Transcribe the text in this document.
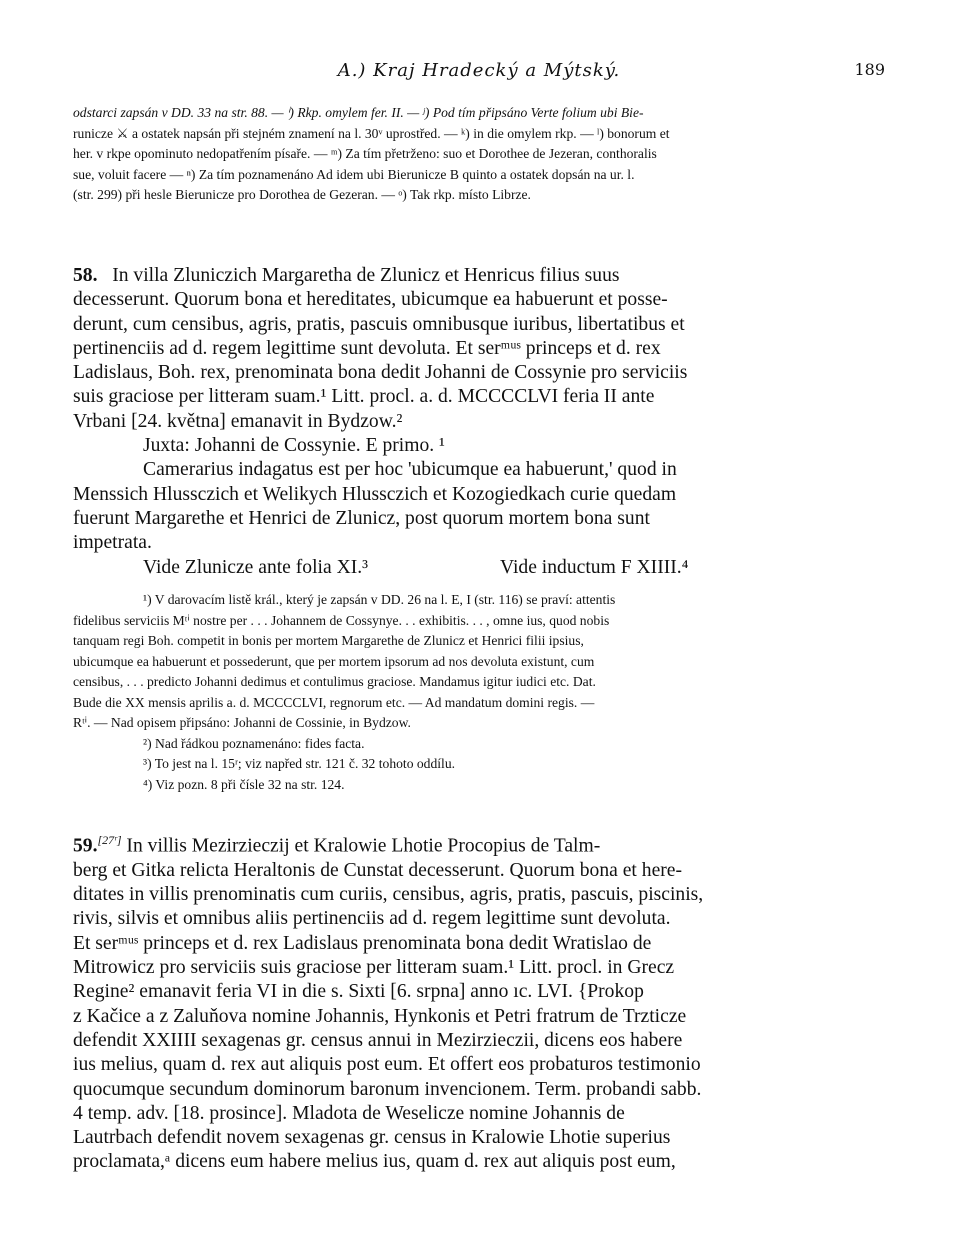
A.) Kraj Hradecký a Mýtský.	189
odstarci zapsán v DD. 33 na str. 88. — ⁱ) Rkp. omylem fer. II. — ʲ) Pod tím připsáno Verte folium ubi Bie-
runicze ⚔ a ostatek napsán při stejném znamení na l. 30ᵛ uprostřed. — ᵏ) in die omylem rkp. — ˡ) bonorum et
her. v rkpe opominuto nedopatřením písaře. — ᵐ) Za tím přetrženo: suo et Dorothee de Jezeran, conthoralis
sue, voluit facere — ⁿ) Za tím poznamenáno Ad idem ubi Bierunicze B quinto a ostatek dopsán na ur. l.
(str. 299) při hesle Bierunicze pro Dorothea de Gezeran. — ᵒ) Tak rkp. místo Librze.
58. In villa Zluniczich Margaretha de Zlunicz et Henricus filius suus
decesserunt. Quorum bona et hereditates, ubicumque ea habuerunt et posse-
derunt, cum censibus, agris, pratis, pascuis omnibusque iuribus, libertatibus et
pertinenciis ad d. regem legittime sunt devoluta. Et serᵐᵘˢ princeps et d. rex
Ladislaus, Boh. rex, prenominata bona dedit Johanni de Cossynie pro serviciis
suis graciose per litteram suam.¹ Litt. procl. a. d. MCCCCLVI feria II ante
Vrbani [24. května] emanavit in Bydzow.²
Juxta: Johanni de Cossynie. E primo. ¹
Camerarius indagatus est per hoc 'ubicumque ea habuerunt,' quod in
Menssich Hlussczich et Welikych Hlussczich et Kozogiedkach curie quedam
fuerunt Margarethe et Henrici de Zlunicz, post quorum mortem bona sunt
impetrata.
Vide Zlunicze ante folia XI.³	Vide inductum F XIIII.⁴
¹) V darovacím listě král., který je zapsán v DD. 26 na l. E, I (str. 116) se praví: attentis
fidelibus serviciis Mᵗⁱ nostre per . . . Johannem de Cossynye. . . exhibitis. . . , omne ius, quod nobis
tanquam regi Boh. competit in bonis per mortem Margarethe de Zlunicz et Henrici filii ipsius,
ubicumque ea habuerunt et possederunt, que per mortem ipsorum ad nos devoluta existunt, cum
censibus, . . . predicto Johanni dedimus et contulimus graciose. Mandamus igitur iudici etc. Dat.
Bude die XX mensis aprilis a. d. MCCCCLVI, regnorum etc. — Ad mandatum domini regis. —
Rᵗⁱ. — Nad opisem připsáno: Johanni de Cossinie, in Bydzow.
²) Nad řádkou poznamenáno: fides facta.
³) To jest na l. 15ʳ; viz napřed str. 121 č. 32 tohoto oddílu.
⁴) Viz pozn. 8 při čísle 32 na str. 124.
59.[27ʳ] In villis Mezirzieczij et Kralowie Lhotie Procopius de Talm-
berg et Gitka relicta Heraltonis de Cunstat decesserunt. Quorum bona et here-
ditates in villis prenominatis cum curiis, censibus, agris, pratis, pascuis, piscinis,
rivis, silvis et omnibus aliis pertinenciis ad d. regem legittime sunt devoluta.
Et serᵐᵘˢ princeps et d. rex Ladislaus prenominata bona dedit Wratislao de
Mitrowicz pro serviciis suis graciose per litteram suam.¹ Litt. procl. in Grecz
Regine² emanavit feria VI in die s. Sixti [6. srpna] anno ıc. LVI. {Prokop
z Kačice a z Zaluňova nomine Johannis, Hynkonis et Petri fratrum de Trzticze
defendit XXIIII sexagenas gr. census annui in Mezirzieczii, dicens eos habere
ius melius, quam d. rex aut aliquis post eum. Et offert eos probaturos testimonio
quocumque secundum dominorum baronum invencionem. Term. probandi sabb.
4 temp. adv. [18. prosince]. Mladota de Weselicze nomine Johannis de
Lautrbach defendit novem sexagenas gr. census in Kralowie Lhotie superius
proclamata,ᵃ dicens eum habere melius ius, quam d. rex aut aliquis post eum,
